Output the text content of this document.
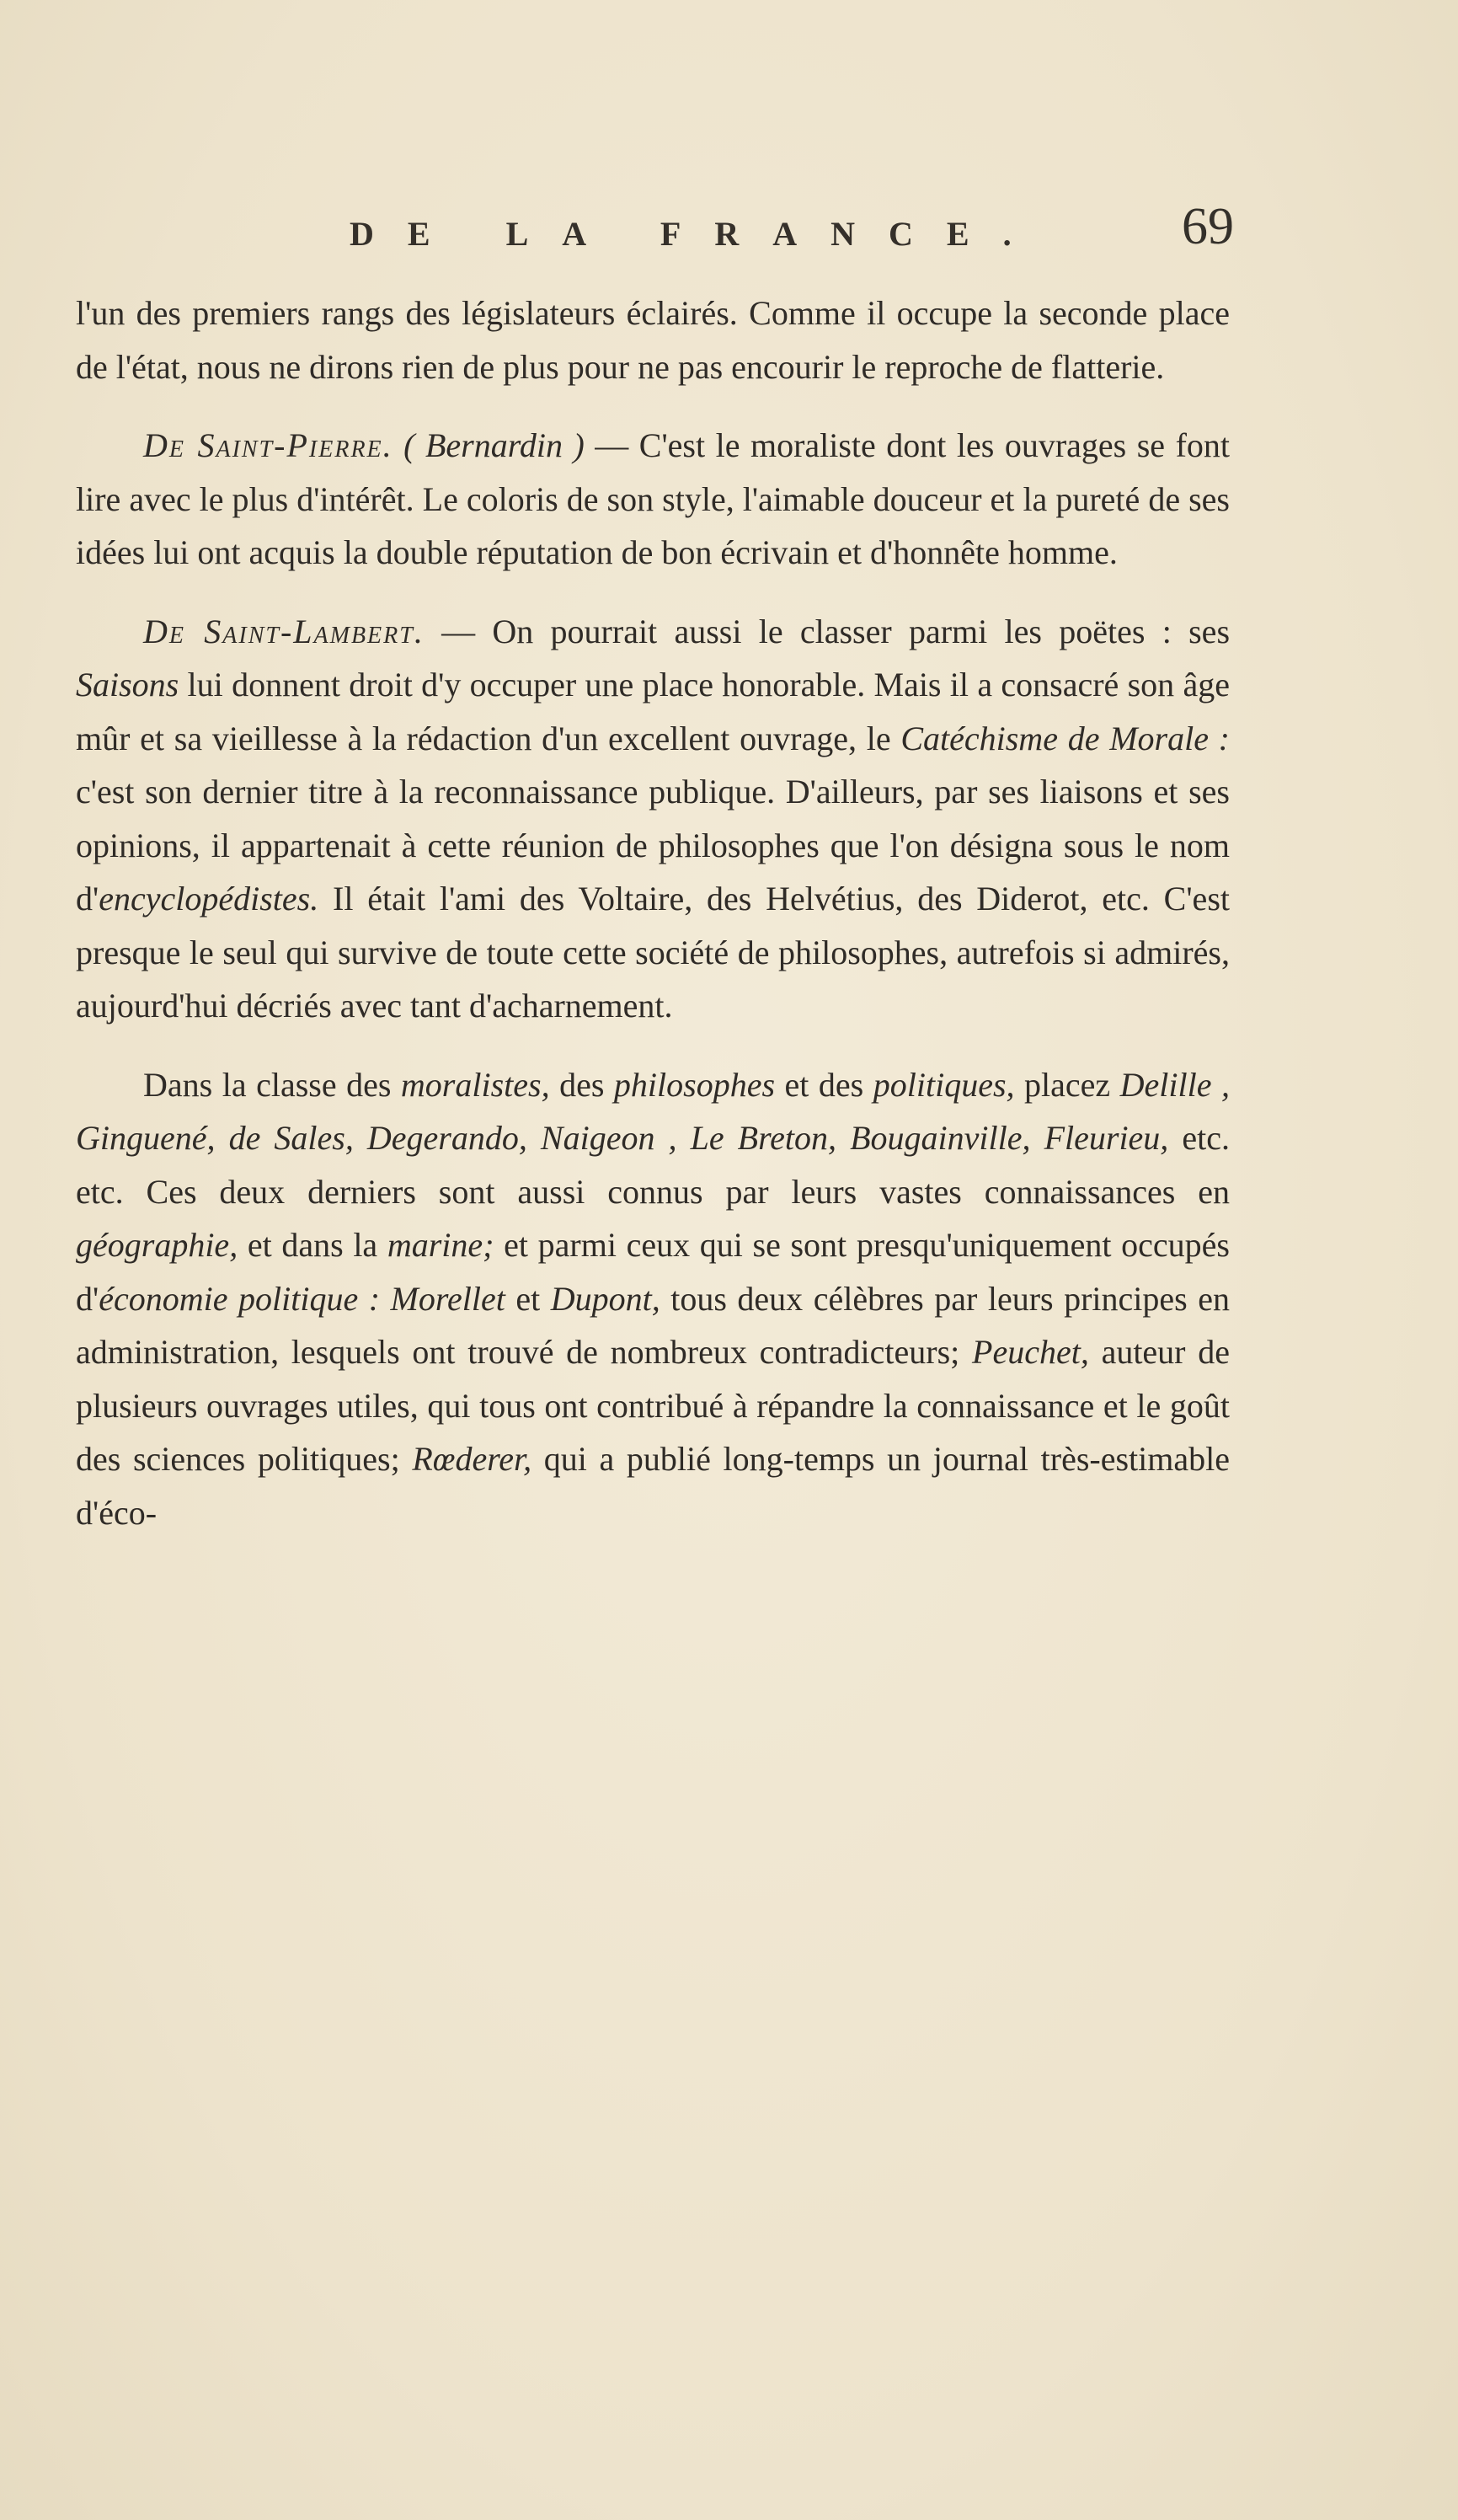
DE LA FRANCE.	69

l'un des premiers rangs des législateurs éclairés. Comme il occupe la seconde place de l'état, nous ne dirons rien de plus pour ne pas encourir le reproche de flatterie.

De Saint-Pierre. ( Bernardin ) — C'est le moraliste dont les ouvrages se font lire avec le plus d'intérêt. Le coloris de son style, l'aimable douceur et la pureté de ses idées lui ont acquis la double réputation de bon écrivain et d'honnête homme.

De Saint-Lambert. — On pourrait aussi le classer parmi les poëtes : ses Saisons lui donnent droit d'y occuper une place honorable. Mais il a consacré son âge mûr et sa vieillesse à la rédaction d'un excellent ouvrage, le Catéchisme de Morale : c'est son dernier titre à la reconnaissance publique. D'ailleurs, par ses liaisons et ses opinions, il appartenait à cette réunion de philosophes que l'on désigna sous le nom d'encyclopédistes. Il était l'ami des Voltaire, des Helvétius, des Diderot, etc. C'est presque le seul qui survive de toute cette société de philosophes, autrefois si admirés, aujourd'hui décriés avec tant d'acharnement.

Dans la classe des moralistes, des philosophes et des politiques, placez Delille , Ginguené, de Sales, Degerando, Naigeon , Le Breton, Bougainville, Fleurieu, etc. etc. Ces deux derniers sont aussi connus par leurs vastes connaissances en géographie, et dans la marine; et parmi ceux qui se sont presqu'uniquement occupés d'économie politique : Morellet et Dupont, tous deux célèbres par leurs principes en administration, lesquels ont trouvé de nombreux contradicteurs; Peuchet, auteur de plusieurs ouvrages utiles, qui tous ont contribué à répandre la connaissance et le goût des sciences politiques; Rœderer, qui a publié long-temps un journal très-estimable d'éco-
